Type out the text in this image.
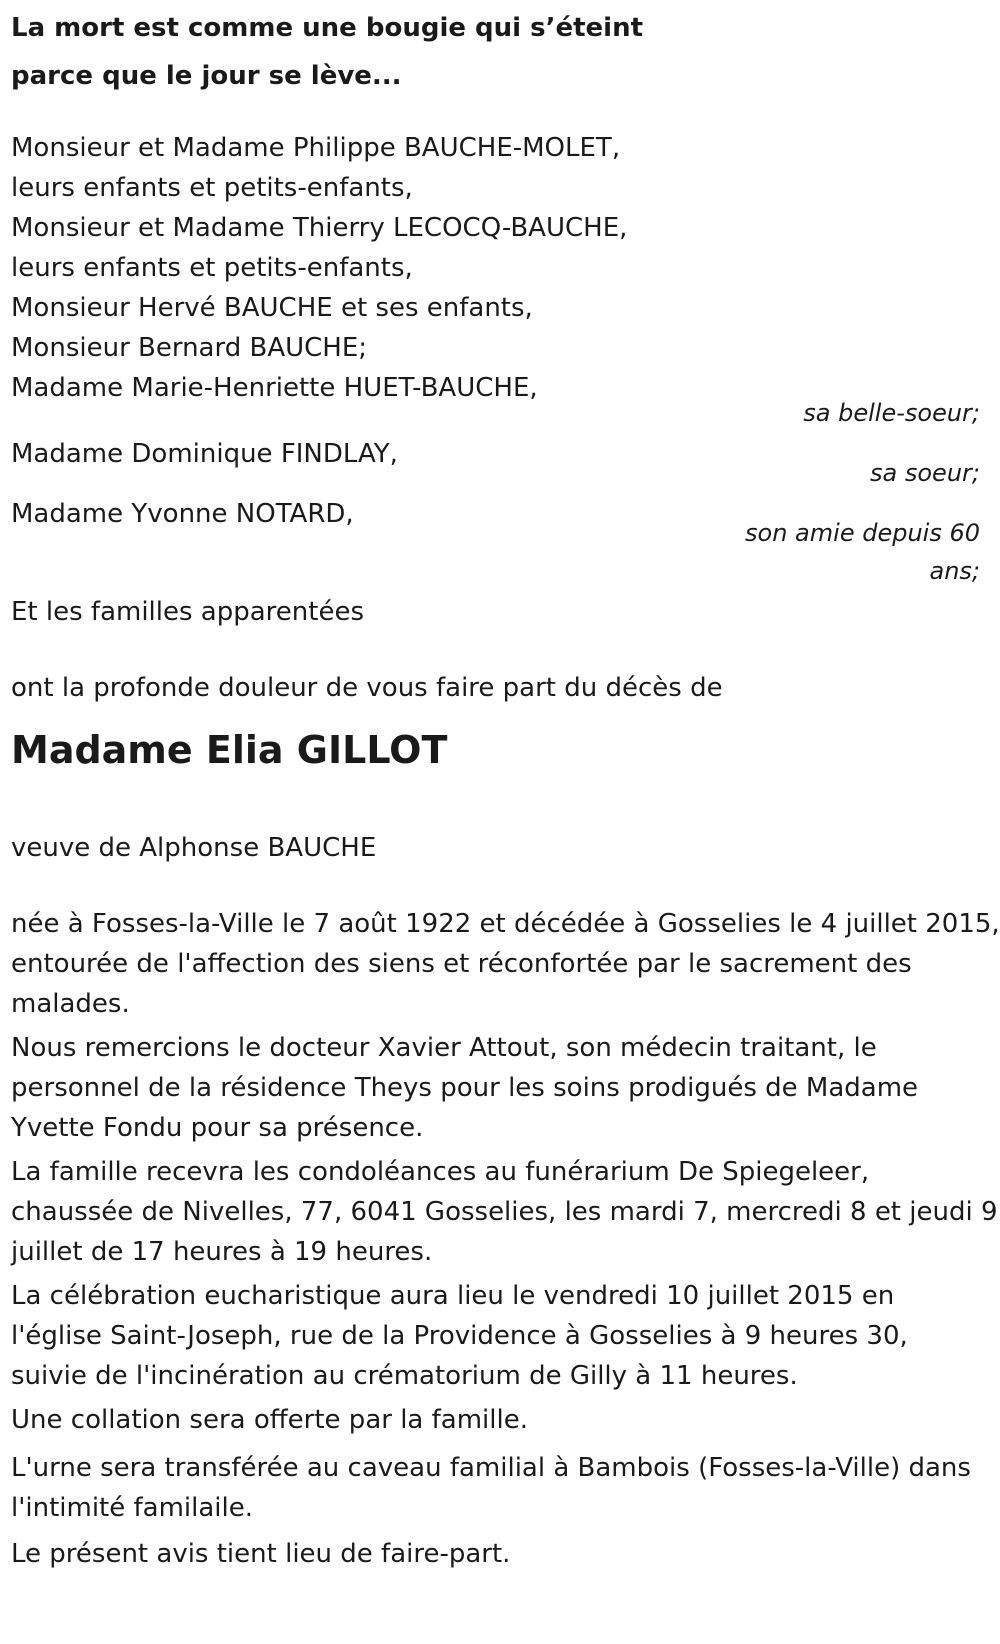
La mort est comme une bougie qui s’éteint
parce que le jour se lève...
Monsieur et Madame Philippe BAUCHE-MOLET,
leurs enfants et petits-enfants,
Monsieur et Madame Thierry LECOCQ-BAUCHE,
leurs enfants et petits-enfants,
Monsieur Hervé BAUCHE et ses enfants,
Monsieur Bernard BAUCHE;
Madame Marie-Henriette HUET-BAUCHE,
sa belle-soeur;
Madame Dominique FINDLAY,
sa soeur;
Madame Yvonne NOTARD,
son amie depuis 60
ans;
Et les familles apparentées
ont la profonde douleur de vous faire part du décès de
Madame Elia GILLOT
veuve de Alphonse BAUCHE
née à Fosses-la-Ville le 7 août 1922 et décédée à Gosselies le 4 juillet 2015,
entourée de l'affection des siens et réconfortée par le sacrement des
malades.
Nous remercions le docteur Xavier Attout, son médecin traitant, le
personnel de la résidence Theys pour les soins prodigués de Madame
Yvette Fondu pour sa présence.
La famille recevra les condoléances au funérarium De Spiegeleer,
chaussée de Nivelles, 77, 6041 Gosselies, les mardi 7, mercredi 8 et jeudi 9
juillet de 17 heures à 19 heures.
La célébration eucharistique aura lieu le vendredi 10 juillet 2015 en
l'église Saint-Joseph, rue de la Providence à Gosselies à 9 heures 30,
suivie de l'incinération au crématorium de Gilly à 11 heures.
Une collation sera offerte par la famille.
L'urne sera transférée au caveau familial à Bambois (Fosses-la-Ville) dans
l'intimité familaile.
Le présent avis tient lieu de faire-part.
